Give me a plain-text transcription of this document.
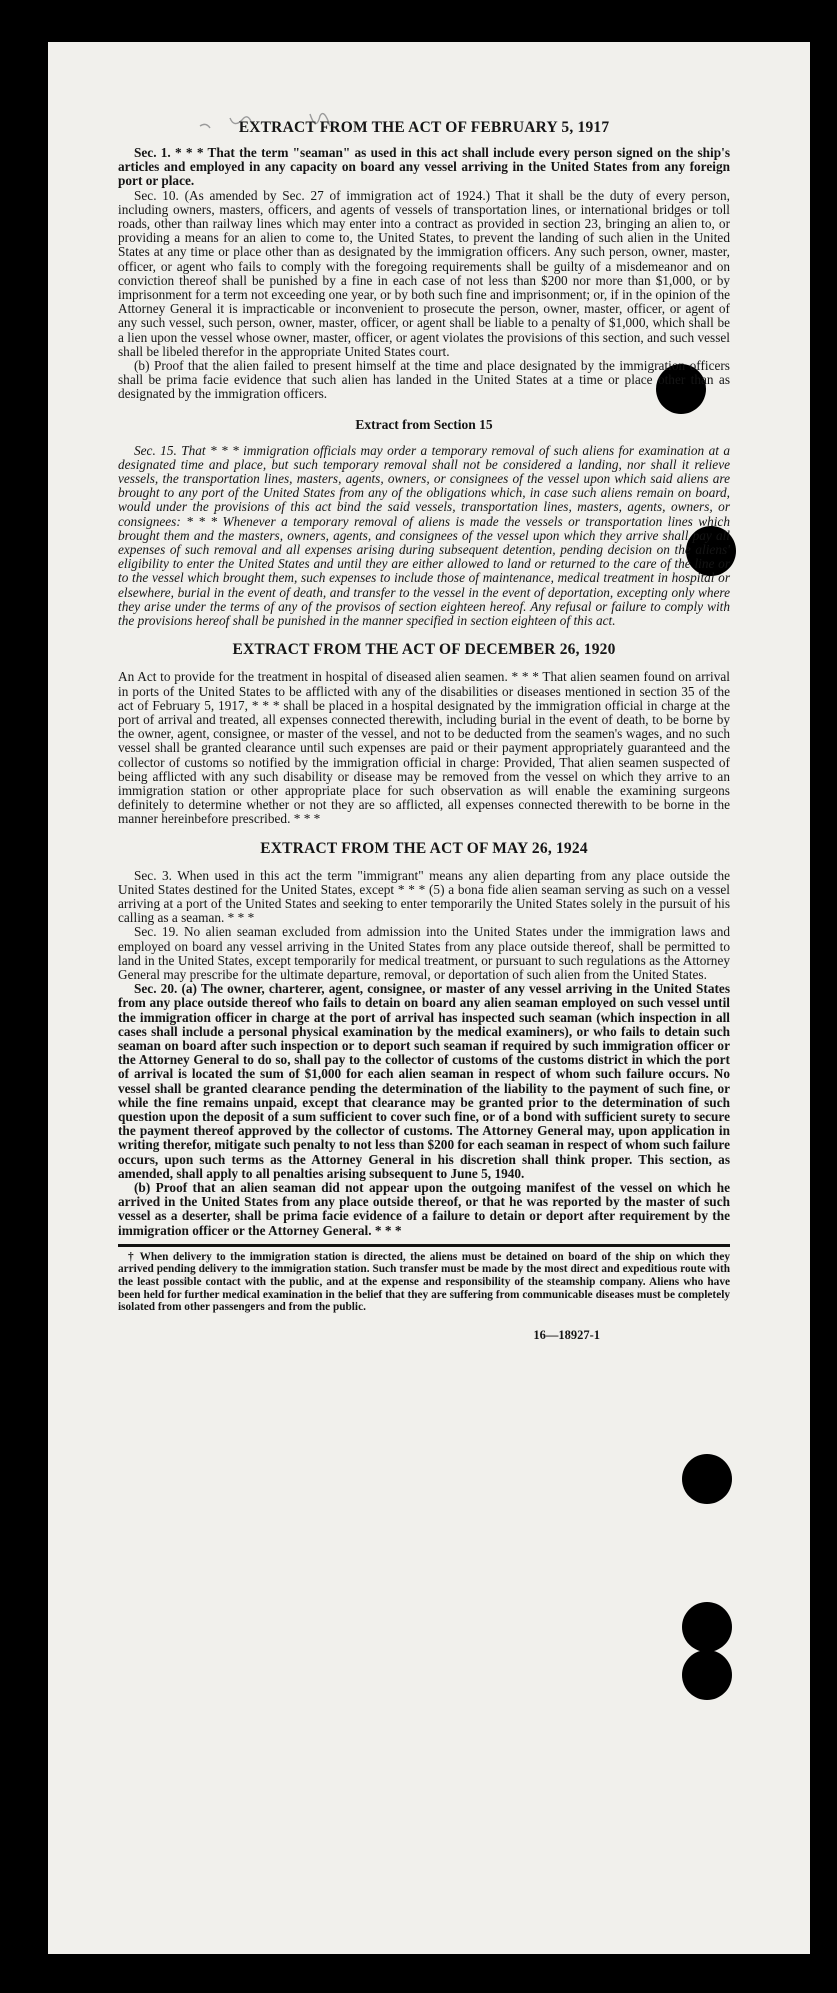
EXTRACT FROM THE ACT OF FEBRUARY 5, 1917

Sec. 1. * * * That the term "seaman" as used in this act shall include every person signed on the ship's articles and employed in any capacity on board any vessel arriving in the United States from any foreign port or place.

Sec. 10. (As amended by Sec. 27 of immigration act of 1924.) That it shall be the duty of every person, including owners, masters, officers, and agents of vessels of transportation lines, or international bridges or toll roads, other than railway lines which may enter into a contract as provided in section 23, bringing an alien to, or providing a means for an alien to come to, the United States, to prevent the landing of such alien in the United States at any time or place other than as designated by the immigration officers. Any such person, owner, master, officer, or agent who fails to comply with the foregoing requirements shall be guilty of a misdemeanor and on conviction thereof shall be punished by a fine in each case of not less than $200 nor more than $1,000, or by imprisonment for a term not exceeding one year, or by both such fine and imprisonment; or, if in the opinion of the Attorney General it is impracticable or inconvenient to prosecute the person, owner, master, officer, or agent of any such vessel, such person, owner, master, officer, or agent shall be liable to a penalty of $1,000, which shall be a lien upon the vessel whose owner, master, officer, or agent violates the provisions of this section, and such vessel shall be libeled therefor in the appropriate United States court.

(b) Proof that the alien failed to present himself at the time and place designated by the immigration officers shall be prima facie evidence that such alien has landed in the United States at a time or place other than as designated by the immigration officers.

Extract from Section 15

Sec. 15. That * * * immigration officials may order a temporary removal of such aliens for examination at a designated time and place, but such temporary removal shall not be considered a landing, nor shall it relieve vessels, the transportation lines, masters, agents, owners, or consignees of the vessel upon which said aliens are brought to any port of the United States from any of the obligations which, in case such aliens remain on board, would under the provisions of this act bind the said vessels, transportation lines, masters, agents, owners, or consignees: * * * Whenever a temporary removal of aliens is made the vessels or transportation lines which brought them and the masters, owners, agents, and consignees of the vessel upon which they arrive shall pay all expenses of such removal and all expenses arising during subsequent detention, pending decision on the aliens' eligibility to enter the United States and until they are either allowed to land or returned to the care of the line or to the vessel which brought them, such expenses to include those of maintenance, medical treatment in hospital or elsewhere, burial in the event of death, and transfer to the vessel in the event of deportation, excepting only where they arise under the terms of any of the provisos of section eighteen hereof. Any refusal or failure to comply with the provisions hereof shall be punished in the manner specified in section eighteen of this act.

EXTRACT FROM THE ACT OF DECEMBER 26, 1920

An Act to provide for the treatment in hospital of diseased alien seamen. * * * That alien seamen found on arrival in ports of the United States to be afflicted with any of the disabilities or diseases mentioned in section 35 of the act of February 5, 1917, * * * shall be placed in a hospital designated by the immigration official in charge at the port of arrival and treated, all expenses connected therewith, including burial in the event of death, to be borne by the owner, agent, consignee, or master of the vessel, and not to be deducted from the seamen's wages, and no such vessel shall be granted clearance until such expenses are paid or their payment appropriately guaranteed and the collector of customs so notified by the immigration official in charge: Provided, That alien seamen suspected of being afflicted with any such disability or disease may be removed from the vessel on which they arrive to an immigration station or other appropriate place for such observation as will enable the examining surgeons definitely to determine whether or not they are so afflicted, all expenses connected therewith to be borne in the manner hereinbefore prescribed. * * *

EXTRACT FROM THE ACT OF MAY 26, 1924

Sec. 3. When used in this act the term "immigrant" means any alien departing from any place outside the United States destined for the United States, except * * * (5) a bona fide alien seaman serving as such on a vessel arriving at a port of the United States and seeking to enter temporarily the United States solely in the pursuit of his calling as a seaman. * * *

Sec. 19. No alien seaman excluded from admission into the United States under the immigration laws and employed on board any vessel arriving in the United States from any place outside thereof, shall be permitted to land in the United States, except temporarily for medical treatment, or pursuant to such regulations as the Attorney General may prescribe for the ultimate departure, removal, or deportation of such alien from the United States.

Sec. 20. (a) The owner, charterer, agent, consignee, or master of any vessel arriving in the United States from any place outside thereof who fails to detain on board any alien seaman employed on such vessel until the immigration officer in charge at the port of arrival has inspected such seaman (which inspection in all cases shall include a personal physical examination by the medical examiners), or who fails to detain such seaman on board after such inspection or to deport such seaman if required by such immigration officer or the Attorney General to do so, shall pay to the collector of customs of the customs district in which the port of arrival is located the sum of $1,000 for each alien seaman in respect of whom such failure occurs. No vessel shall be granted clearance pending the determination of the liability to the payment of such fine, or while the fine remains unpaid, except that clearance may be granted prior to the determination of such question upon the deposit of a sum sufficient to cover such fine, or of a bond with sufficient surety to secure the payment thereof approved by the collector of customs. The Attorney General may, upon application in writing therefor, mitigate such penalty to not less than $200 for each seaman in respect of whom such failure occurs, upon such terms as the Attorney General in his discretion shall think proper. This section, as amended, shall apply to all penalties arising subsequent to June 5, 1940.

(b) Proof that an alien seaman did not appear upon the outgoing manifest of the vessel on which he arrived in the United States from any place outside thereof, or that he was reported by the master of such vessel as a deserter, shall be prima facie evidence of a failure to detain or deport after requirement by the immigration officer or the Attorney General. * * *

† When delivery to the immigration station is directed, the aliens must be detained on board of the ship on which they arrived pending delivery to the immigration station. Such transfer must be made by the most direct and expeditious route with the least possible contact with the public, and at the expense and responsibility of the steamship company. Aliens who have been held for further medical examination in the belief that they are suffering from communicable diseases must be completely isolated from other passengers and from the public.

16—18927-1
